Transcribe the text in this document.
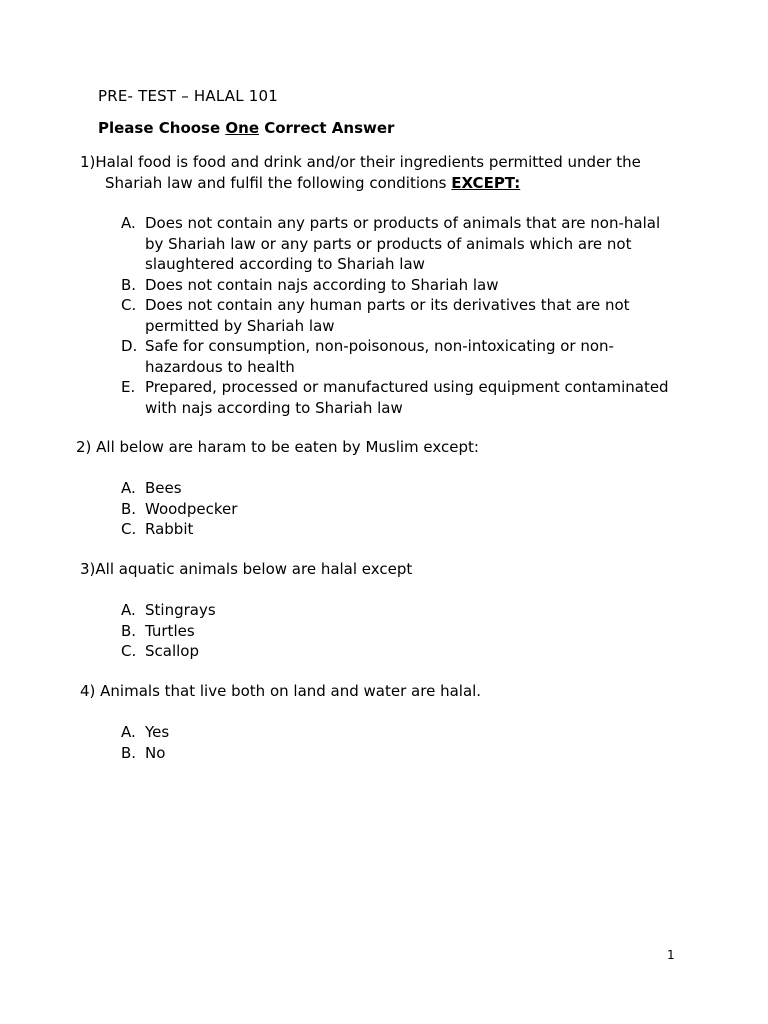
PRE- TEST – HALAL 101
Please Choose One Correct Answer
1)Halal food is food and drink and/or their ingredients permitted under the
Shariah law and fulfil the following conditions EXCEPT:
A. Does not contain any parts or products of animals that are non-halal by Shariah law or any parts or products of animals which are not slaughtered according to Shariah law
B. Does not contain najs according to Shariah law
C. Does not contain any human parts or its derivatives that are not permitted by Shariah law
D. Safe for consumption, non-poisonous, non-intoxicating or non-hazardous to health
E. Prepared, processed or manufactured using equipment contaminated with najs according to Shariah law
2) All below are haram to be eaten by Muslim except:
A. Bees
B. Woodpecker
C. Rabbit
3)All aquatic animals below are halal except
A. Stingrays
B. Turtles
C. Scallop
4) Animals that live both on land and water are halal.
A. Yes
B. No
1
